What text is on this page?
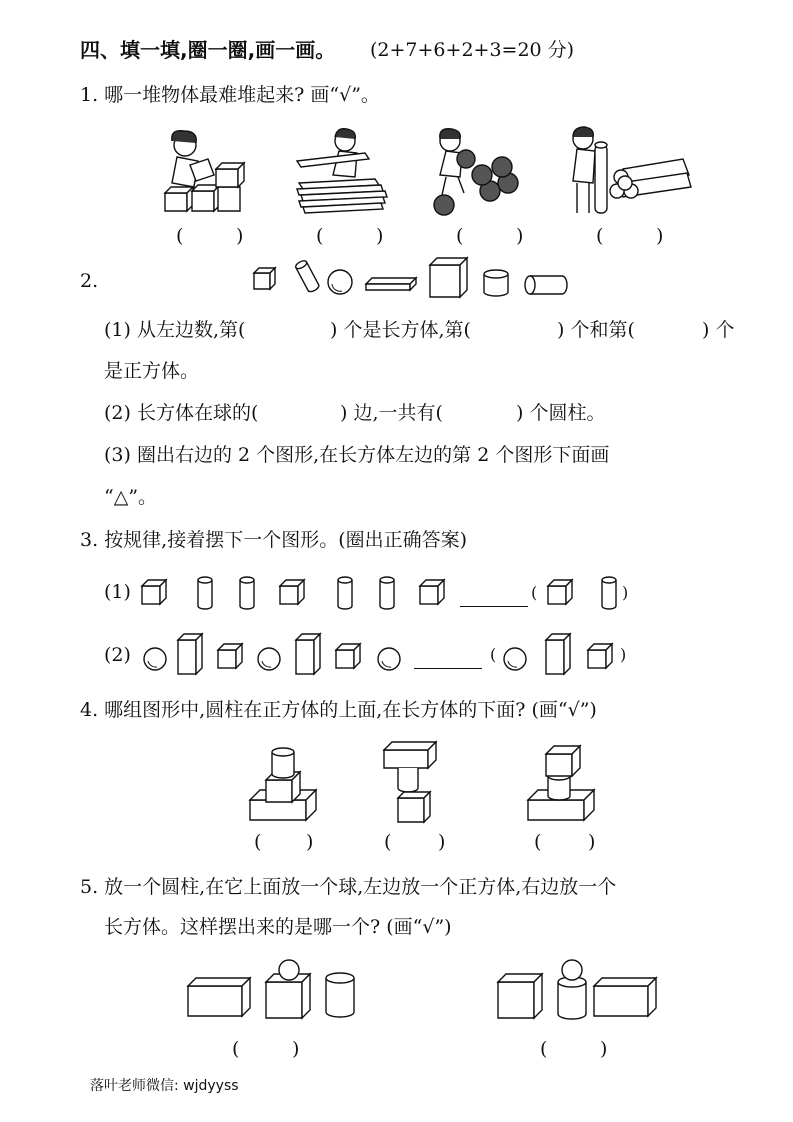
四、填一填,圈一圈,画一画。 (2+7+6+2+3=20 分)
1. 哪一堆物体最难堆起来? 画“√”。
(	)	(	)	(	)	(	)
2.
(1) 从左边数,第(	) 个是长方体,第(	) 个和第(	) 个
是正方体。
(2) 长方体在球的(	) 边,一共有(	) 个圆柱。
(3) 圈出右边的 2 个图形,在长方体左边的第 2 个图形下面画
“△”。
3. 按规律,接着摆下一个图形。(圈出正确答案)
(1)	(	)
(2)	(	)
4. 哪组图形中,圆柱在正方体的上面,在长方体的下面? (画“√”)
( )	( )	( )
5. 放一个圆柱,在它上面放一个球,左边放一个正方体,右边放一个
长方体。这样摆出来的是哪一个? (画“√”)
(	)	(	)
落叶老师微信: wjdyyss
